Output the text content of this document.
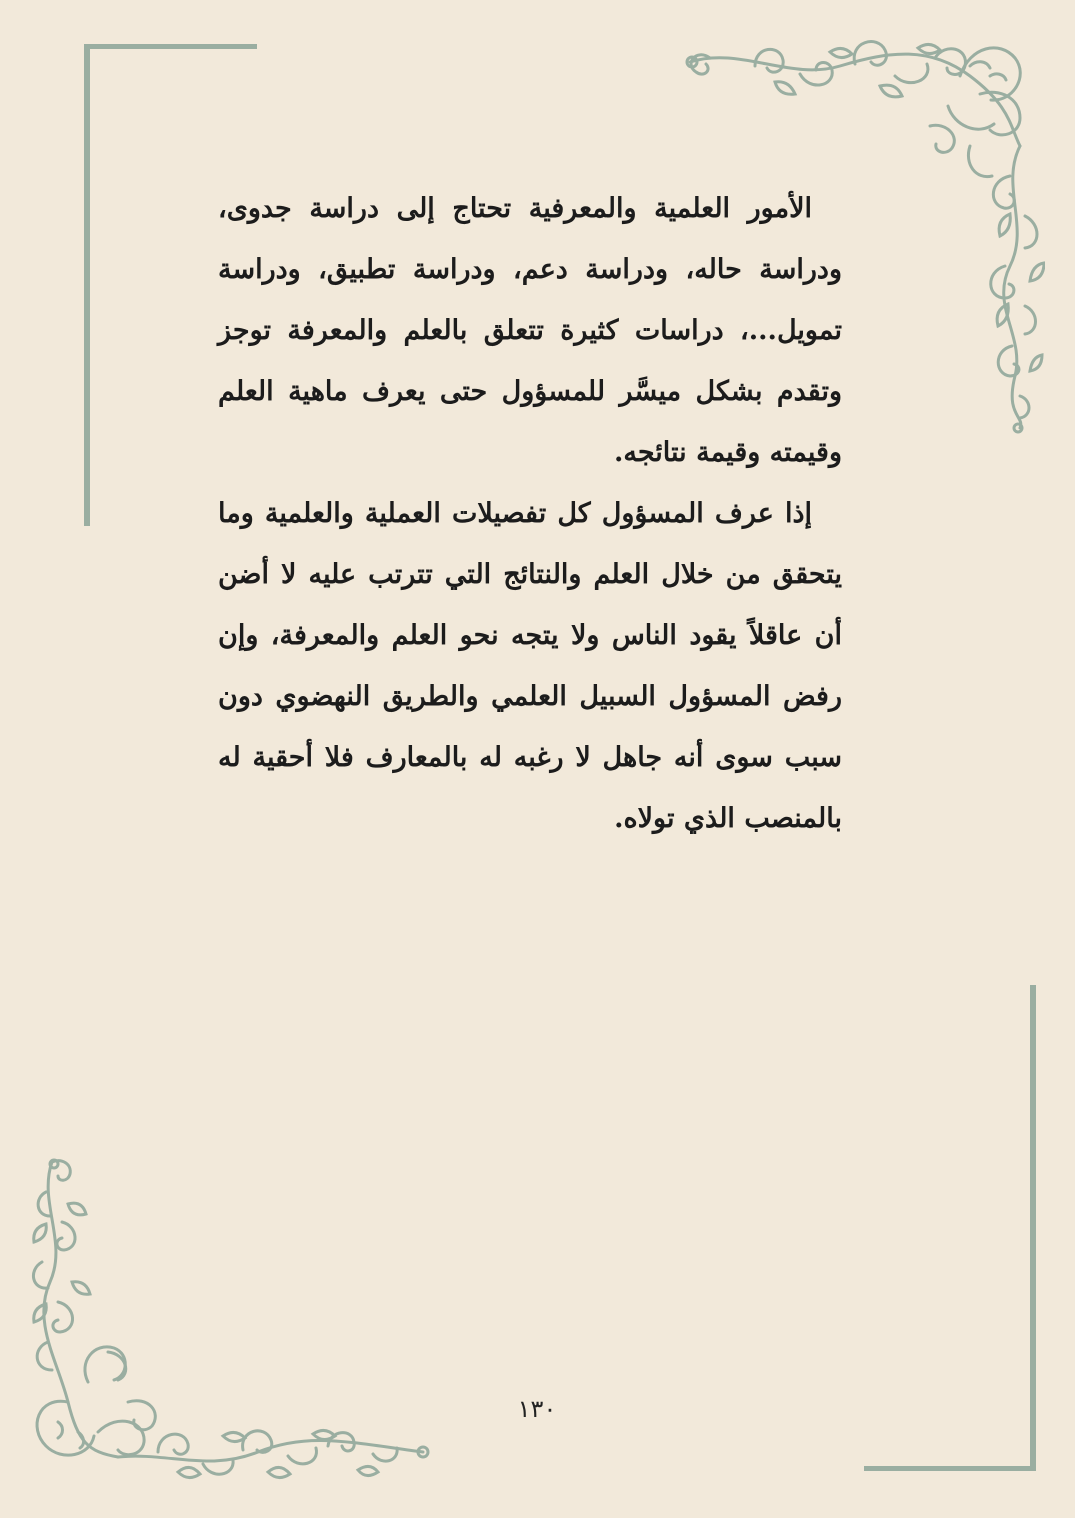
الأمور العلمية والمعرفية تحتاج إلى دراسة جدوى، ودراسة حاله، ودراسة دعم، ودراسة تطبيق، ودراسة تمويل...، دراسات كثيرة تتعلق بالعلم والمعرفة توجز وتقدم بشكل ميسَّر للمسؤول حتى يعرف ماهية العلم وقيمته وقيمة نتائجه.

إذا عرف المسؤول كل تفصيلات العملية والعلمية وما يتحقق من خلال العلم والنتائج التي تترتب عليه لا أضن أن عاقلاً يقود الناس ولا يتجه نحو العلم والمعرفة، وإن رفض المسؤول السبيل العلمي والطريق النهضوي دون سبب سوى أنه جاهل لا رغبه له بالمعارف فلا أحقية له بالمنصب الذي تولاه.

١٣٠
